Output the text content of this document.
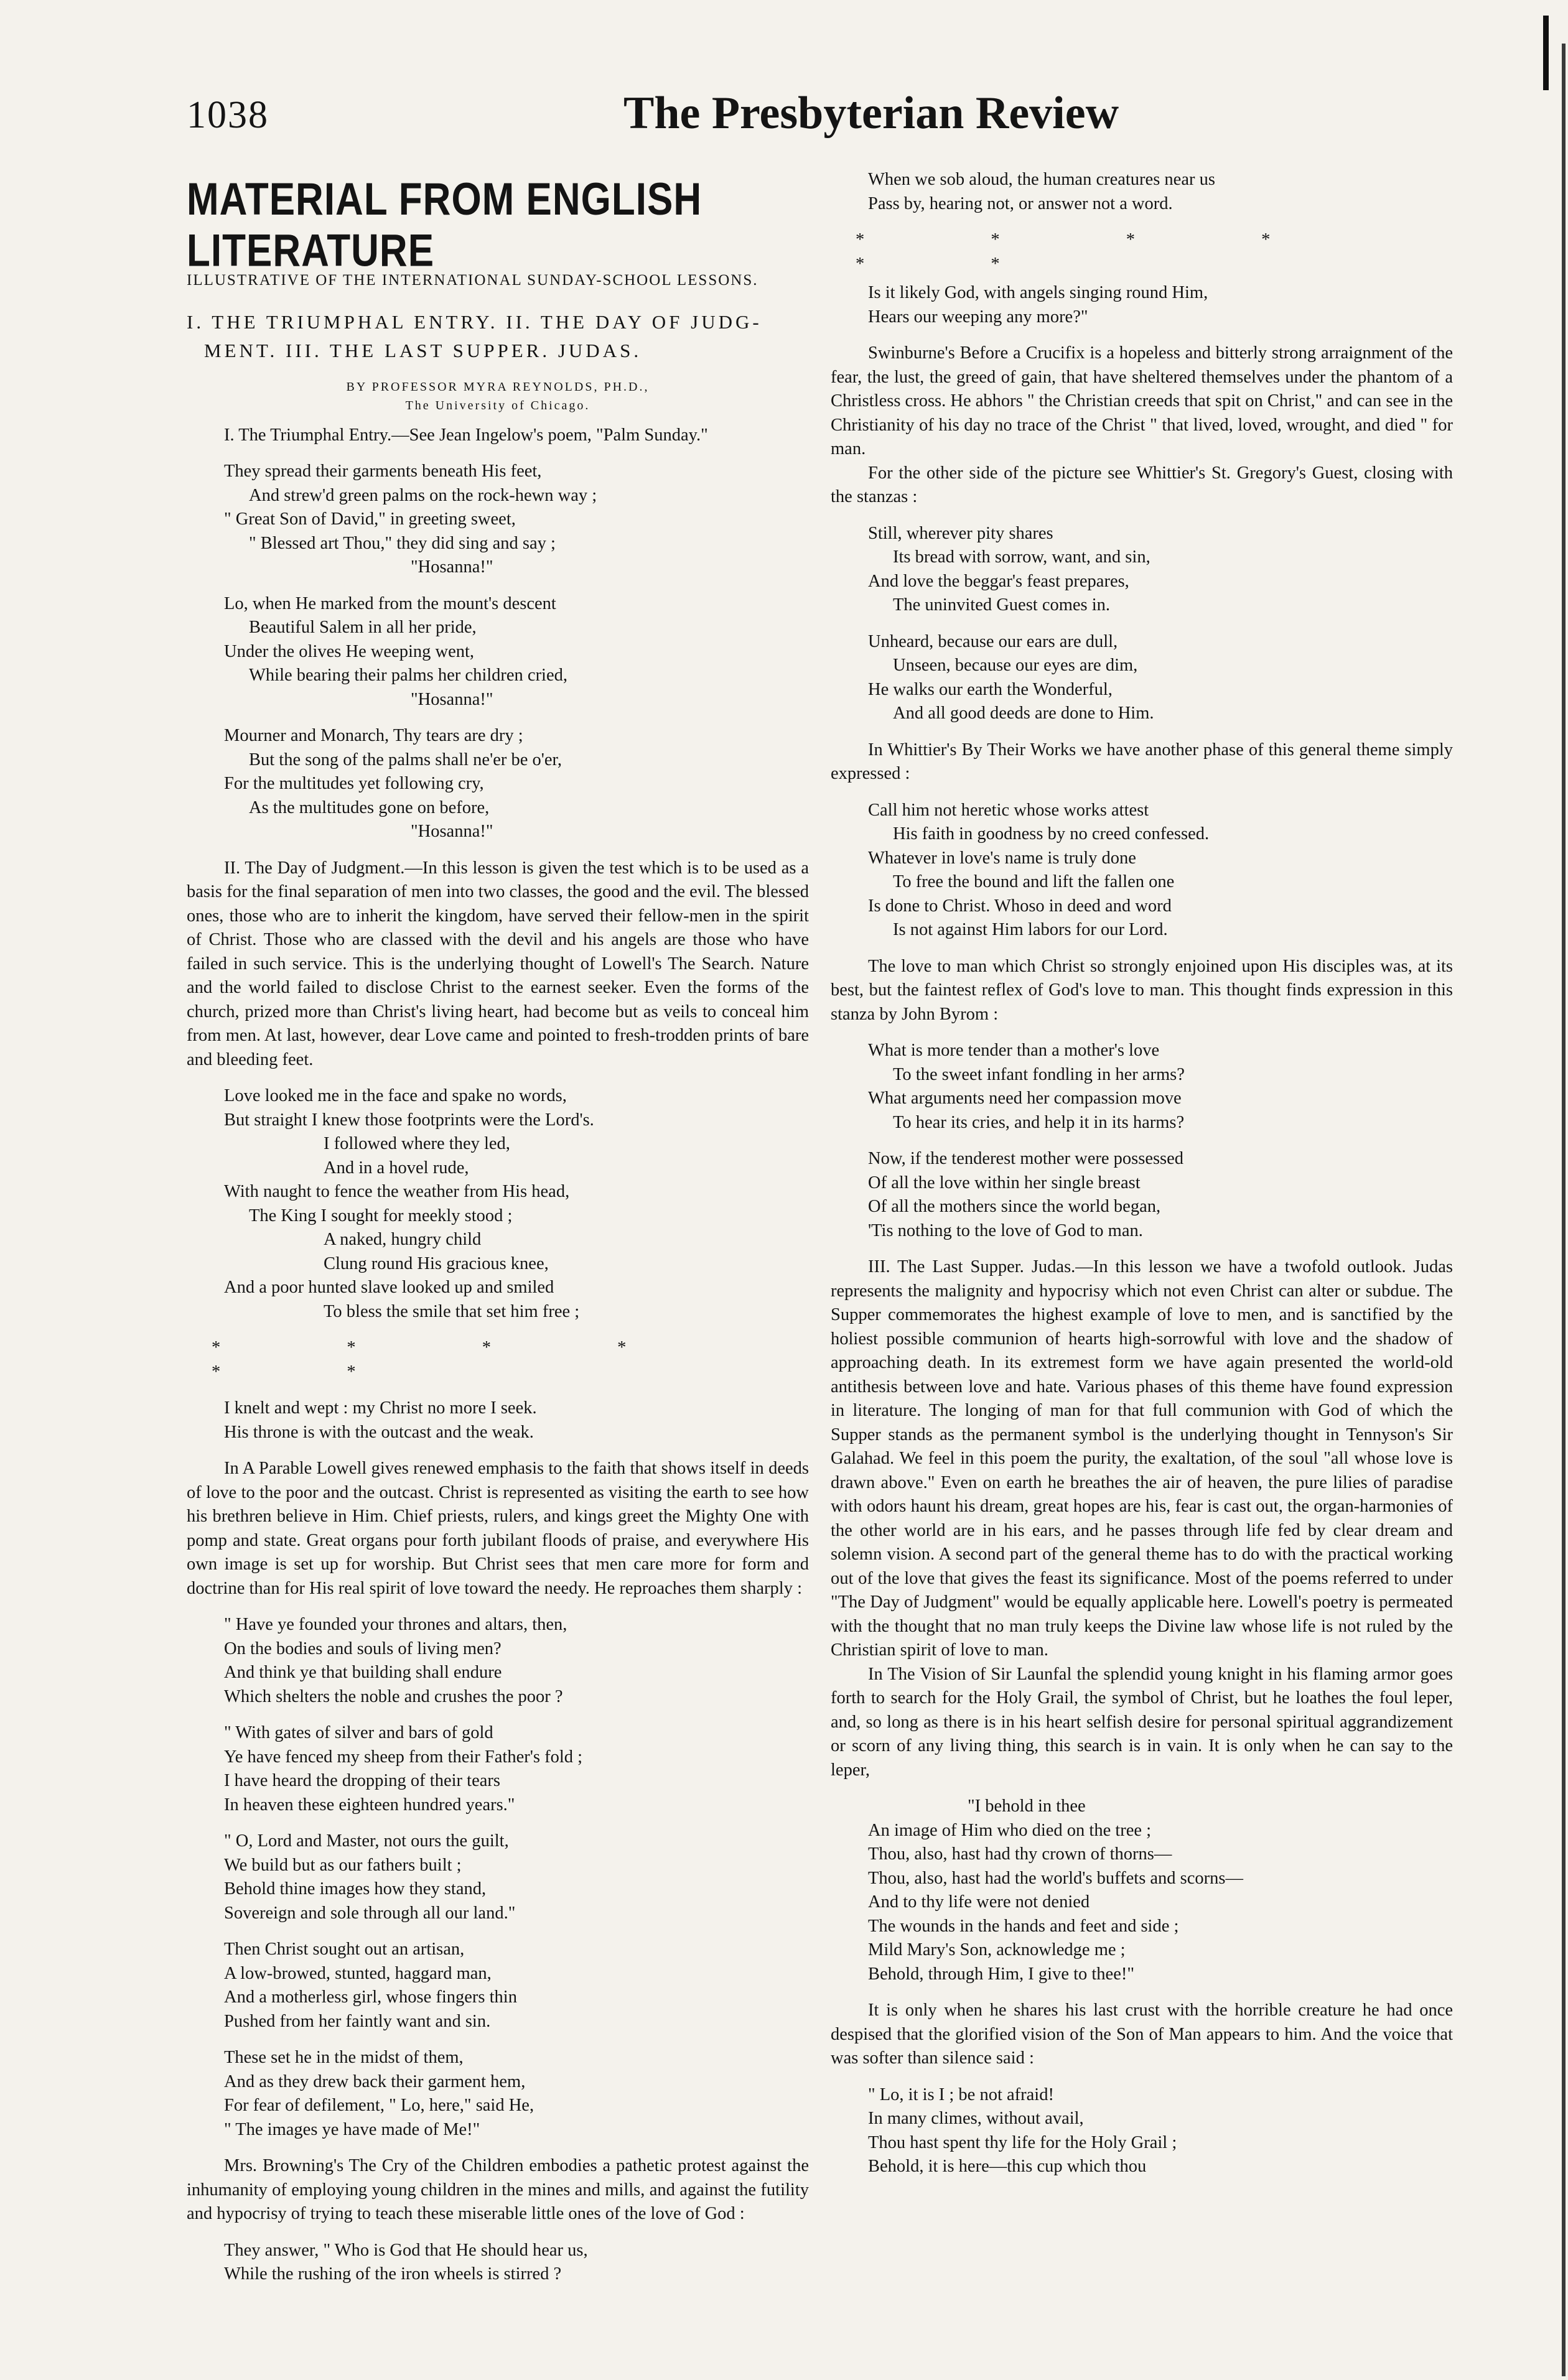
1038	The Presbyterian Review
MATERIAL FROM ENGLISH LITERATURE
ILLUSTRATIVE OF THE INTERNATIONAL SUNDAY-SCHOOL LESSONS.
I. THE TRIUMPHAL ENTRY. II. THE DAY OF JUDG-
MENT. III. THE LAST SUPPER. JUDAS.

BY PROFESSOR MYRA REYNOLDS, PH.D.,

The University of Chicago.

I. The Triumphal Entry.—See Jean Ingelow's poem, "Palm Sunday."

They spread their garments beneath His feet,
And strew'd green palms on the rock-hewn way ;
" Great Son of David," in greeting sweet,
" Blessed art Thou," they did sing and say ;
"Hosanna!"
Lo, when He marked from the mount's descent
Beautiful Salem in all her pride,
Under the olives He weeping went,
While bearing their palms her children cried,
"Hosanna!"
Mourner and Monarch, Thy tears are dry ;
But the song of the palms shall ne'er be o'er,
For the multitudes yet following cry,
As the multitudes gone on before,
"Hosanna!"

II. The Day of Judgment.—In this lesson is given the test which is to be used as a basis for the final separation of men into two classes, the good and the evil. The blessed ones, those who are to inherit the kingdom, have served their fellow-men in the spirit of Christ. Those who are classed with the devil and his angels are those who have failed in such service. This is the underlying thought of Lowell's The Search. Nature and the world failed to disclose Christ to the earnest seeker. Even the forms of the church, prized more than Christ's living heart, had become but as veils to conceal him from men. At last, however, dear Love came and pointed to fresh-trodden prints of bare and bleeding feet.

Love looked me in the face and spake no words,
But straight I knew those footprints were the Lord's.
I followed where they led,
And in a hovel rude,
With naught to fence the weather from His head,
The King I sought for meekly stood ;
A naked, hungry child
Clung round His gracious knee,
And a poor hunted slave looked up and smiled
To bless the smile that set him free ;
* * * * * *
I knelt and wept : my Christ no more I seek.
His throne is with the outcast and the weak.

In A Parable Lowell gives renewed emphasis to the faith that shows itself in deeds of love to the poor and the outcast. Christ is represented as visiting the earth to see how his brethren believe in Him. Chief priests, rulers, and kings greet the Mighty One with pomp and state. Great organs pour forth jubilant floods of praise, and everywhere His own image is set up for worship. But Christ sees that men care more for form and doctrine than for His real spirit of love toward the needy. He reproaches them sharply :

" Have ye founded your thrones and altars, then,
On the bodies and souls of living men?
And think ye that building shall endure
Which shelters the noble and crushes the poor ?
" With gates of silver and bars of gold
Ye have fenced my sheep from their Father's fold ;
I have heard the dropping of their tears
In heaven these eighteen hundred years."
" O, Lord and Master, not ours the guilt,
We build but as our fathers built ;
Behold thine images how they stand,
Sovereign and sole through all our land."
Then Christ sought out an artisan,
A low-browed, stunted, haggard man,
And a motherless girl, whose fingers thin
Pushed from her faintly want and sin.
These set he in the midst of them,
And as they drew back their garment hem,
For fear of defilement, " Lo, here," said He,
" The images ye have made of Me!"

Mrs. Browning's The Cry of the Children embodies a pathetic protest against the inhumanity of employing young children in the mines and mills, and against the futility and hypocrisy of trying to teach these miserable little ones of the love of God :

They answer, " Who is God that He should hear us,
While the rushing of the iron wheels is stirred ?
When we sob aloud, the human creatures near us
Pass by, hearing not, or answer not a word.
* * * * * *
Is it likely God, with angels singing round Him,
Hears our weeping any more?"

Swinburne's Before a Crucifix is a hopeless and bitterly strong arraignment of the fear, the lust, the greed of gain, that have sheltered themselves under the phantom of a Christless cross. He abhors " the Christian creeds that spit on Christ," and can see in the Christianity of his day no trace of the Christ " that lived, loved, wrought, and died " for man.

For the other side of the picture see Whittier's St. Gregory's Guest, closing with the stanzas :

Still, wherever pity shares
Its bread with sorrow, want, and sin,
And love the beggar's feast prepares,
The uninvited Guest comes in.
Unheard, because our ears are dull,
Unseen, because our eyes are dim,
He walks our earth the Wonderful,
And all good deeds are done to Him.

In Whittier's By Their Works we have another phase of this general theme simply expressed :

Call him not heretic whose works attest
His faith in goodness by no creed confessed.
Whatever in love's name is truly done
To free the bound and lift the fallen one
Is done to Christ. Whoso in deed and word
Is not against Him labors for our Lord.

The love to man which Christ so strongly enjoined upon His disciples was, at its best, but the faintest reflex of God's love to man. This thought finds expression in this stanza by John Byrom :

What is more tender than a mother's love
To the sweet infant fondling in her arms?
What arguments need her compassion move
To hear its cries, and help it in its harms?
Now, if the tenderest mother were possessed
Of all the love within her single breast
Of all the mothers since the world began,
'Tis nothing to the love of God to man.

III. The Last Supper. Judas.—In this lesson we have a twofold outlook. Judas represents the malignity and hypocrisy which not even Christ can alter or subdue. The Supper commemorates the highest example of love to men, and is sanctified by the holiest possible communion of hearts high-sorrowful with love and the shadow of approaching death. In its extremest form we have again presented the world-old antithesis between love and hate. Various phases of this theme have found expression in literature. The longing of man for that full communion with God of which the Supper stands as the permanent symbol is the underlying thought in Tennyson's Sir Galahad. We feel in this poem the purity, the exaltation, of the soul "all whose love is drawn above." Even on earth he breathes the air of heaven, the pure lilies of paradise with odors haunt his dream, great hopes are his, fear is cast out, the organ-harmonies of the other world are in his ears, and he passes through life fed by clear dream and solemn vision. A second part of the general theme has to do with the practical working out of the love that gives the feast its significance. Most of the poems referred to under "The Day of Judgment" would be equally applicable here. Lowell's poetry is permeated with the thought that no man truly keeps the Divine law whose life is not ruled by the Christian spirit of love to man.

In The Vision of Sir Launfal the splendid young knight in his flaming armor goes forth to search for the Holy Grail, the symbol of Christ, but he loathes the foul leper, and, so long as there is in his heart selfish desire for personal spiritual aggrandizement or scorn of any living thing, this search is in vain. It is only when he can say to the leper,

"I behold in thee
An image of Him who died on the tree ;
Thou, also, hast had thy crown of thorns—
Thou, also, hast had the world's buffets and scorns—
And to thy life were not denied
The wounds in the hands and feet and side ;
Mild Mary's Son, acknowledge me ;
Behold, through Him, I give to thee!"

It is only when he shares his last crust with the horrible creature he had once despised that the glorified vision of the Son of Man appears to him. And the voice that was softer than silence said :

" Lo, it is I ; be not afraid!
In many climes, without avail,
Thou hast spent thy life for the Holy Grail ;
Behold, it is here—this cup which thou
